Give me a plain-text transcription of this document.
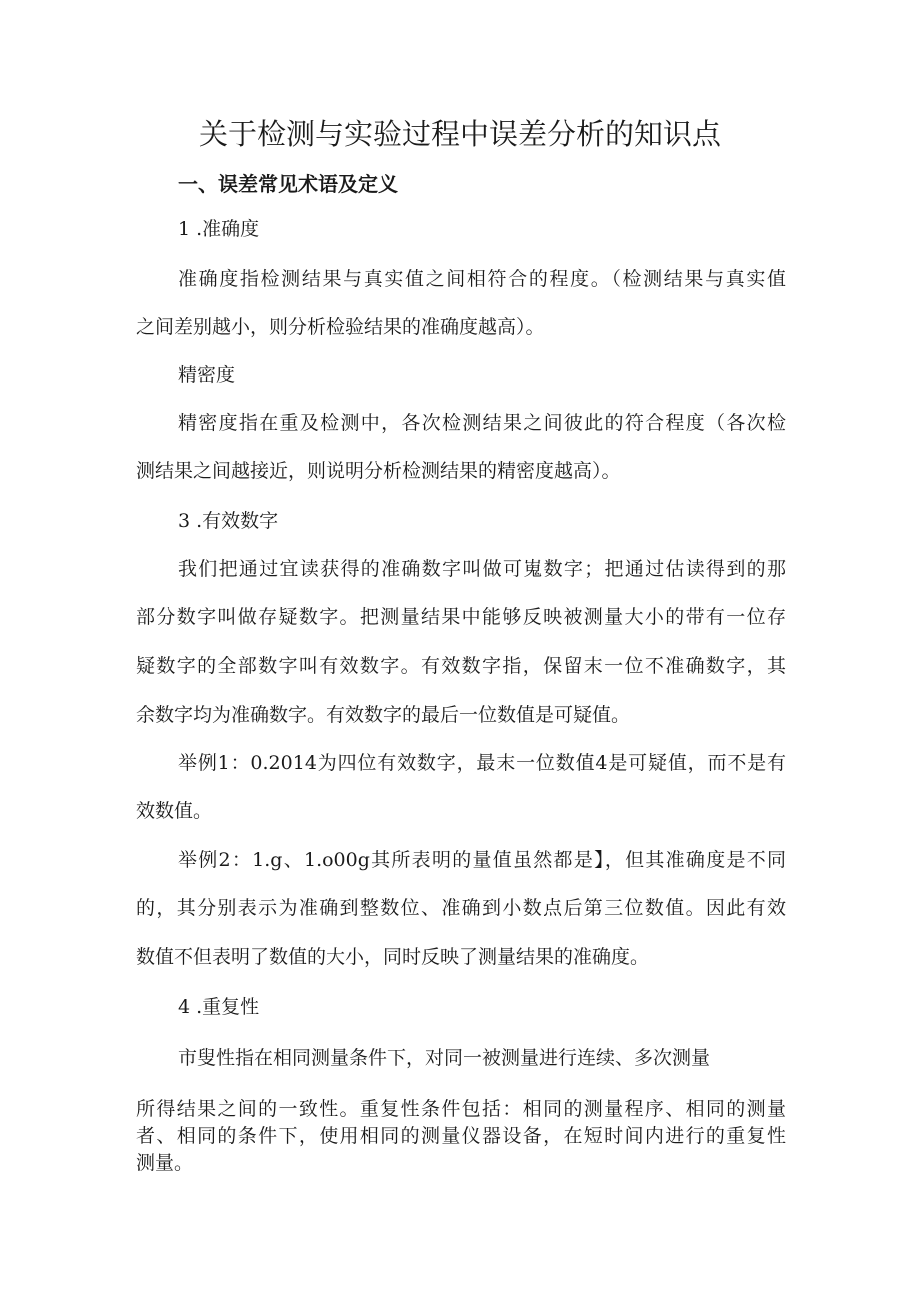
关于检测与实验过程中误差分析的知识点
一、误差常见术语及定义

1 .准确度

准确度指检测结果与真实值之间相符合的程度。（检测结果与真实值

之间差别越小，则分析检验结果的准确度越高）。

精密度

精密度指在重及检测中，各次检测结果之间彼此的符合程度（各次检

测结果之间越接近，则说明分析检测结果的精密度越高）。

3 .有效数字

我们把通过宜读获得的准确数字叫做可嵬数字；把通过估读得到的那

部分数字叫做存疑数字。把测量结果中能够反映被测量大小的带有一位存

疑数字的全部数字叫有效数字。有效数字指，保留末一位不准确数字，其

余数字均为准确数字。有效数字的最后一位数值是可疑值。

举例1：0.2014为四位有效数字，最末一位数值4是可疑值，而不是有

效数值。

举例2：1.g、1.o00g其所表明的量值虽然都是】，但其准确度是不同

的，其分别表示为准确到整数位、准确到小数点后第三位数值。因此有效

数值不但表明了数值的大小，同时反映了测量结果的准确度。

4 .重复性

市叟性指在相同测量条件下，对同一被测量进行连续、多次测量

所得结果之间的一致性。重复性条件包括：相同的测量程序、相同的测量

者、相同的条件下，使用相同的测量仪器设备，在短时间内进行的重复性

测量。
